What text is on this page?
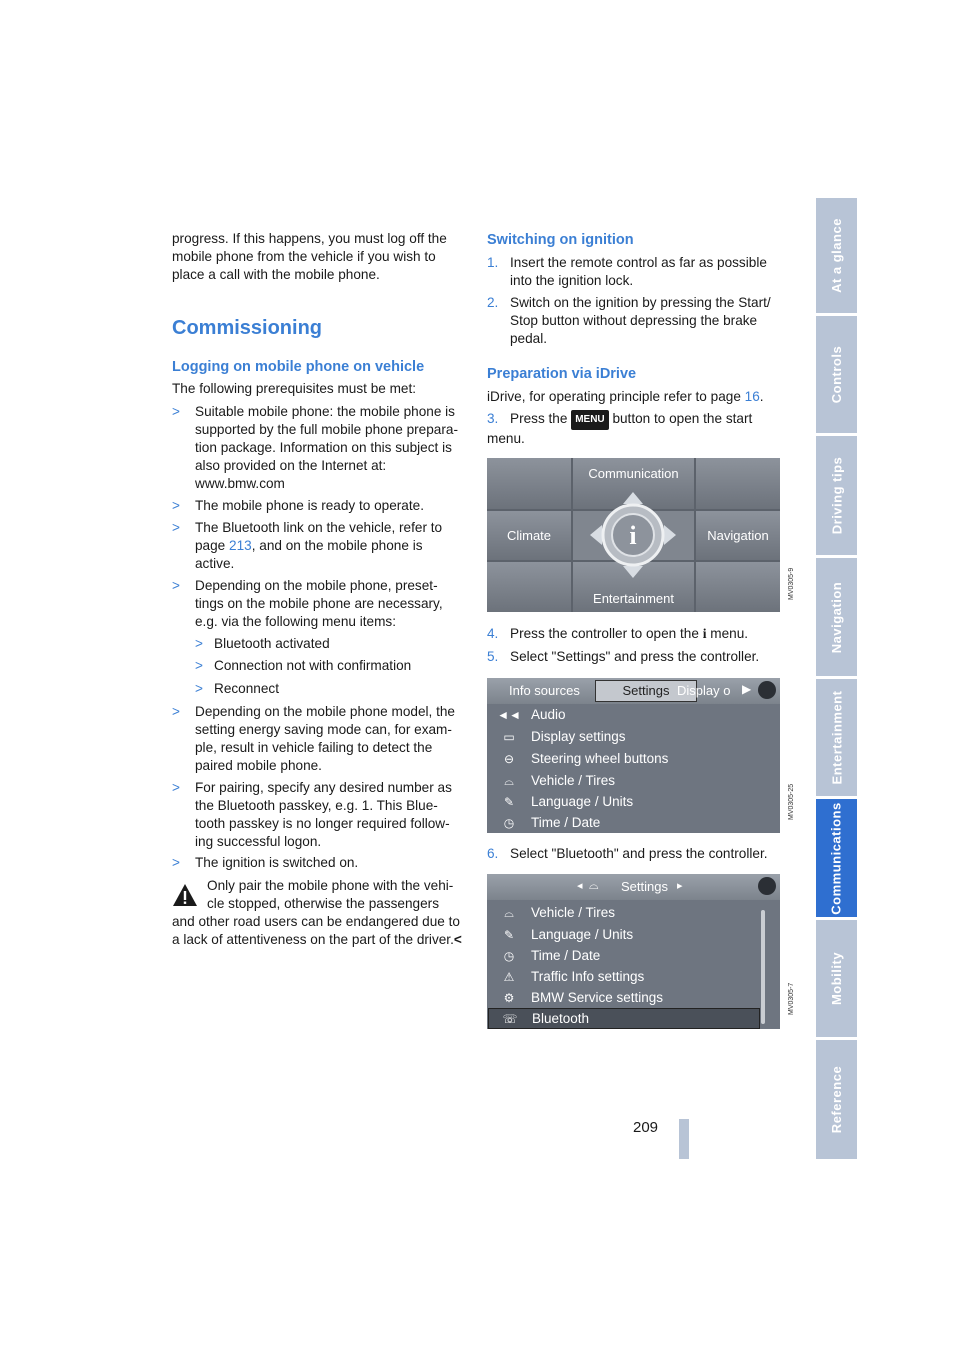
progress. If this happens, you must log off the mobile phone from the vehicle if you wish to place a call with the mobile phone.

Commissioning
Logging on mobile phone on vehicle
The following prerequisites must be met:
> Suitable mobile phone: the mobile phone is supported by the full mobile phone prepara-tion package. Information on this subject is also provided on the Internet at: www.bmw.com
> The mobile phone is ready to operate.
> The Bluetooth link on the vehicle, refer to page 213, and on the mobile phone is active.
> Depending on the mobile phone, preset-tings on the mobile phone are necessary, e.g. via the following menu items:
> Bluetooth activated
> Connection not with confirmation
> Reconnect
> Depending on the mobile phone model, the setting energy saving mode can, for exam-ple, result in vehicle failing to detect the paired mobile phone.
> For pairing, specify any desired number as the Bluetooth passkey, e.g. 1. This Blue-tooth passkey is no longer required follow-ing successful logon.
> The ignition is switched on.
Only pair the mobile phone with the vehi-
cle stopped, otherwise the passengers
and other road users can be endangered due to a lack of attentiveness on the part of the driver.<
Switching on ignition
1. Insert the remote control as far as possible into the ignition lock.
2. Switch on the ignition by pressing the Start/ Stop button without depressing the brake pedal.
Preparation via iDrive
iDrive, for operating principle refer to page 16.
3. Press the MENU button to open the start menu.
Communication
Climate	Navigation
Entertainment
i
MV0305-9
4. Press the controller to open the i menu.
5. Select "Settings" and press the controller.
Info sources	Settings Display o ▶
◄◄ Audio
▭	Display settings
⊖	Steering wheel buttons
⌓	Vehicle / Tires
✎	Language / Units
◷	Time / Date
MV0305-25
6. Select "Bluetooth" and press the controller.
◂ ⌓ Settings ▸
⌓	Vehicle / Tires
✎	Language / Units
◷	Time / Date
⚠	Traffic Info settings
⚙	BMW Service settings
☏	Bluetooth
MV0305-7
209
At a glance
Controls
Driving tips
Navigation
Entertainment
Communications
Mobility
Reference
